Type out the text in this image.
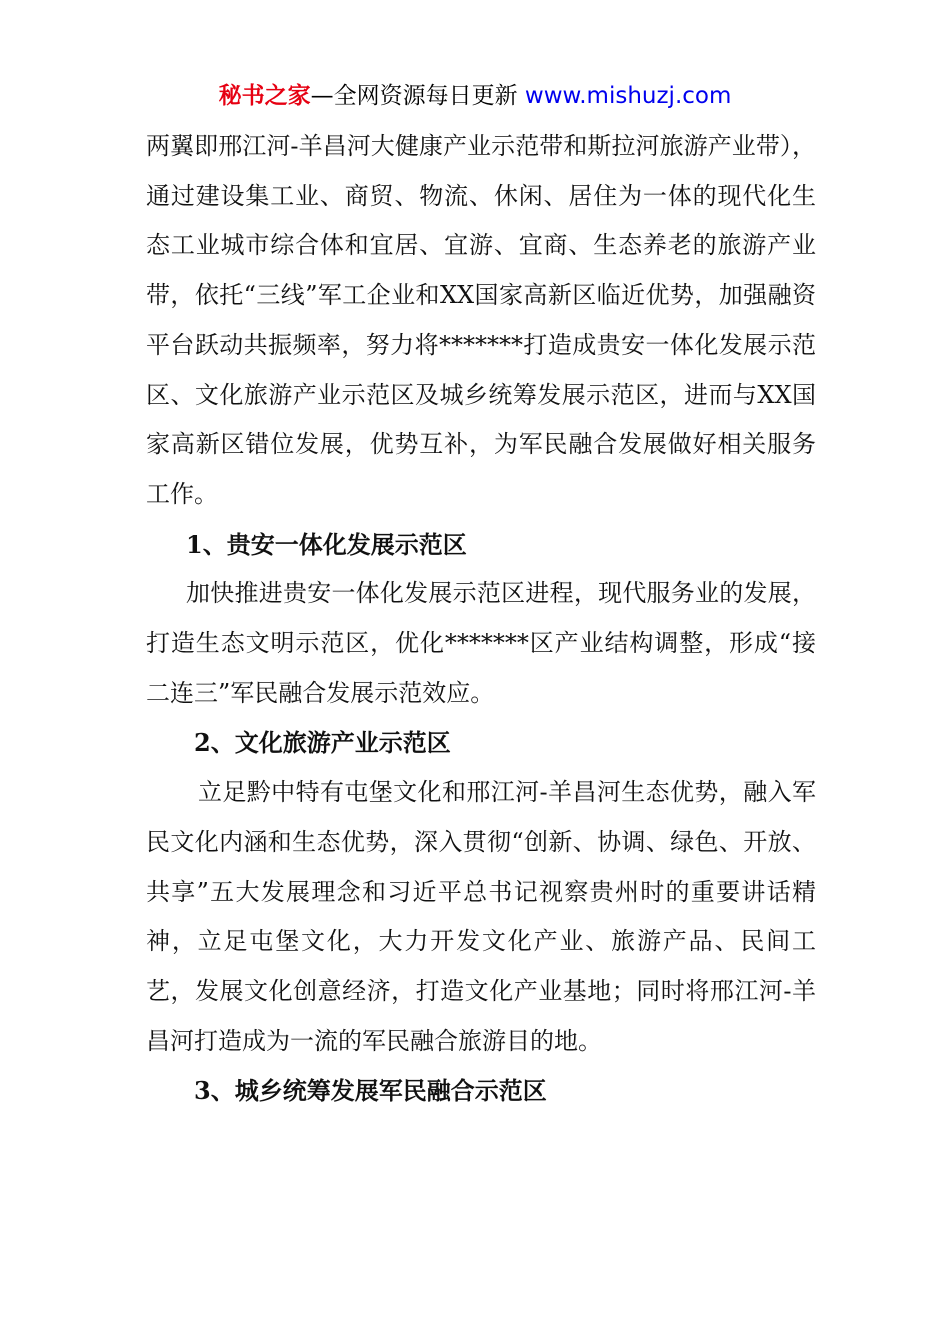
秘书之家—全网资源每日更新 www.mishuzj.com

两翼即邢江河-羊昌河大健康产业示范带和斯拉河旅游产业带），通过建设集工业、商贸、物流、休闲、居住为一体的现代化生态工业城市综合体和宜居、宜游、宜商、生态养老的旅游产业带，依托“三线”军工企业和XX国家高新区临近优势，加强融资平台跃动共振频率，努力将*******打造成贵安一体化发展示范区、文化旅游产业示范区及城乡统筹发展示范区，进而与XX国家高新区错位发展，优势互补，为军民融合发展做好相关服务工作。

1、贵安一体化发展示范区

加快推进贵安一体化发展示范区进程，现代服务业的发展，打造生态文明示范区，优化*******区产业结构调整，形成“接二连三”军民融合发展示范效应。

2、文化旅游产业示范区

立足黔中特有屯堡文化和邢江河-羊昌河生态优势，融入军民文化内涵和生态优势，深入贯彻“创新、协调、绿色、开放、共享”五大发展理念和习近平总书记视察贵州时的重要讲话精神，立足屯堡文化，大力开发文化产业、旅游产品、民间工艺，发展文化创意经济，打造文化产业基地；同时将邢江河-羊昌河打造成为一流的军民融合旅游目的地。

3、城乡统筹发展军民融合示范区
